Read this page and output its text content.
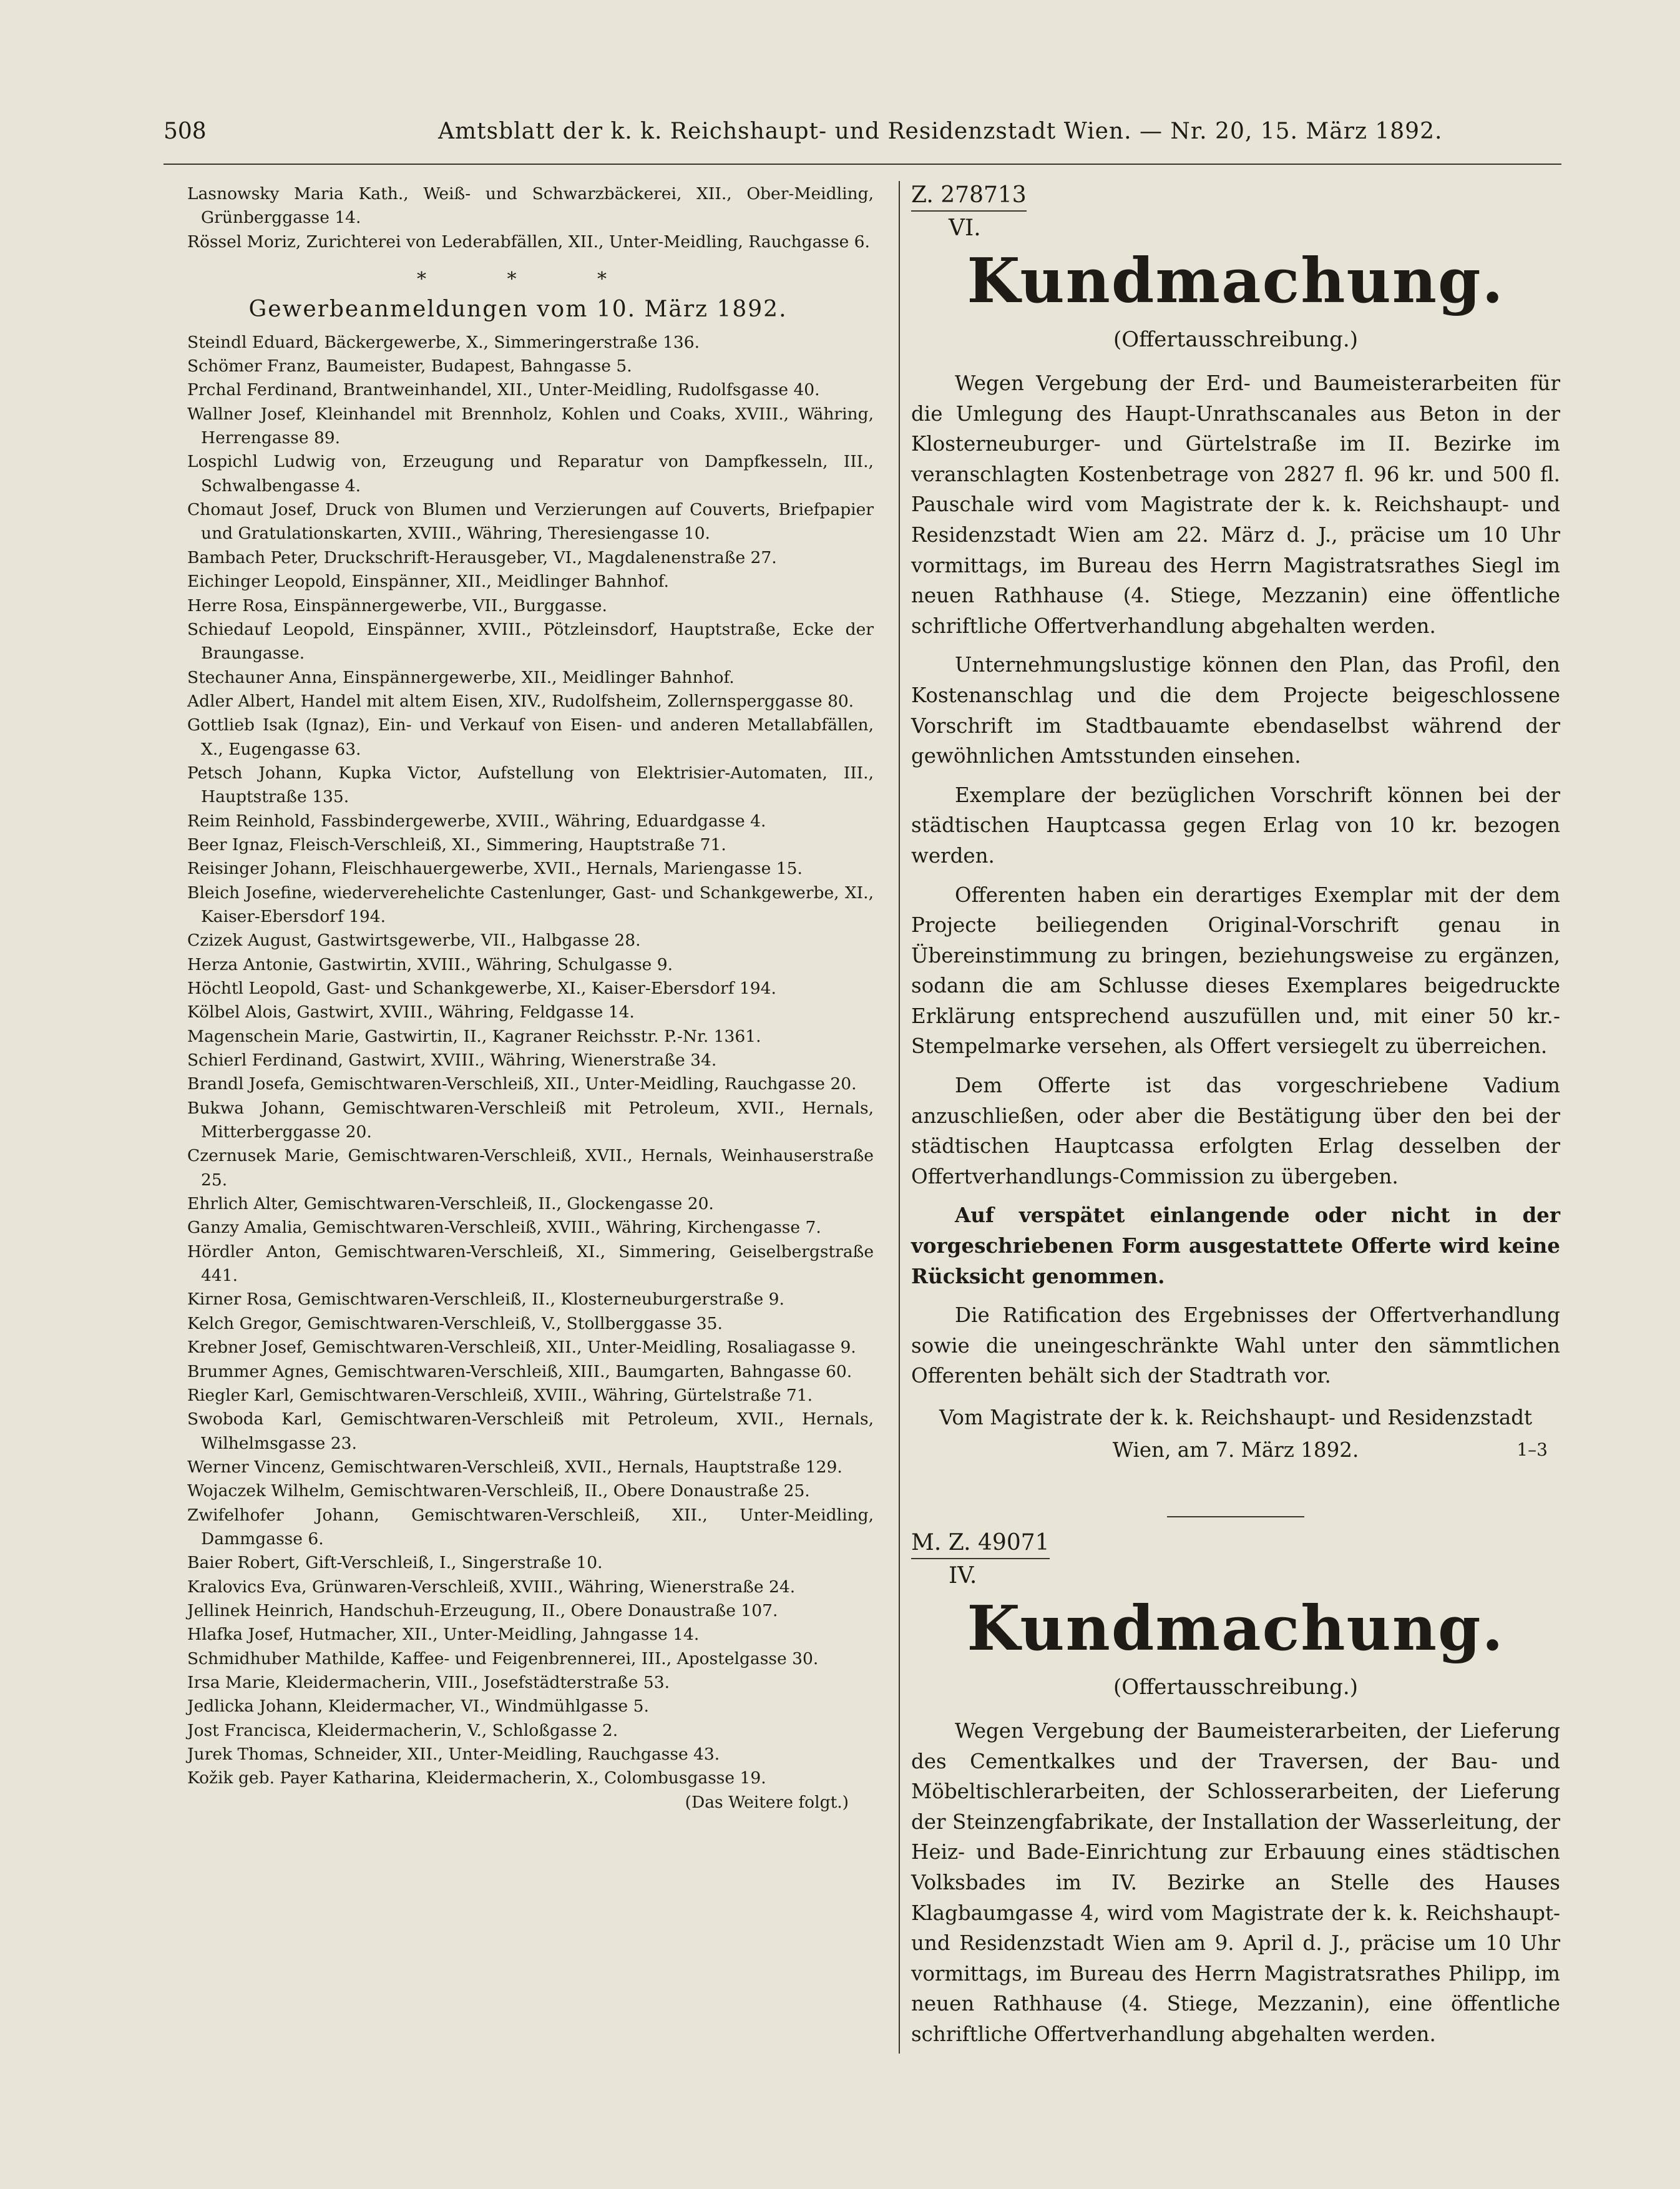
508	Amtsblatt der k. k. Reichshaupt- und Residenzstadt Wien. — Nr. 20, 15. März 1892.
Lasnowsky Maria Kath., Weiß- und Schwarzbäckerei, XII., Ober-Meidling, Grünberggasse 14.
Rössel Moriz, Zurichterei von Lederabfällen, XII., Unter-Meidling, Rauchgasse 6.
* * *
Gewerbeanmeldungen vom 10. März 1892.
Steindl Eduard, Bäckergewerbe, X., Simmeringerstraße 136.
Schömer Franz, Baumeister, Budapest, Bahngasse 5.
Prchal Ferdinand, Brantweinhandel, XII., Unter-Meidling, Rudolfsgasse 40.
Wallner Josef, Kleinhandel mit Brennholz, Kohlen und Coaks, XVIII., Währing, Herrengasse 89.
Lospichl Ludwig von, Erzeugung und Reparatur von Dampfkesseln, III., Schwalbengasse 4.
Chomaut Josef, Druck von Blumen und Verzierungen auf Couverts, Briefpapier und Gratulationskarten, XVIII., Währing, Theresiengasse 10.
Bambach Peter, Druckschrift-Herausgeber, VI., Magdalenenstraße 27.
Eichinger Leopold, Einspänner, XII., Meidlinger Bahnhof.
Herre Rosa, Einspännergewerbe, VII., Burggasse.
Schiedauf Leopold, Einspänner, XVIII., Pötzleinsdorf, Hauptstraße, Ecke der Braungasse.
Stechauner Anna, Einspännergewerbe, XII., Meidlinger Bahnhof.
Adler Albert, Handel mit altem Eisen, XIV., Rudolfsheim, Zollernsperggasse 80.
Gottlieb Isak (Ignaz), Ein- und Verkauf von Eisen- und anderen Metallabfällen, X., Eugengasse 63.
Petsch Johann, Kupka Victor, Aufstellung von Elektrisier-Automaten, III., Hauptstraße 135.
Reim Reinhold, Fassbindergewerbe, XVIII., Währing, Eduardgasse 4.
Beer Ignaz, Fleisch-Verschleiß, XI., Simmering, Hauptstraße 71.
Reisinger Johann, Fleischhauergewerbe, XVII., Hernals, Mariengasse 15.
Bleich Josefine, wiederverehelichte Castenlunger, Gast- und Schankgewerbe, XI., Kaiser-Ebersdorf 194.
Czizek August, Gastwirtsgewerbe, VII., Halbgasse 28.
Herza Antonie, Gastwirtin, XVIII., Währing, Schulgasse 9.
Höchtl Leopold, Gast- und Schankgewerbe, XI., Kaiser-Ebersdorf 194.
Kölbel Alois, Gastwirt, XVIII., Währing, Feldgasse 14.
Magenschein Marie, Gastwirtin, II., Kagraner Reichsstr. P.-Nr. 1361.
Schierl Ferdinand, Gastwirt, XVIII., Währing, Wienerstraße 34.
Brandl Josefa, Gemischtwaren-Verschleiß, XII., Unter-Meidling, Rauchgasse 20.
Bukwa Johann, Gemischtwaren-Verschleiß mit Petroleum, XVII., Hernals, Mitterberggasse 20.
Czernusek Marie, Gemischtwaren-Verschleiß, XVII., Hernals, Weinhauserstraße 25.
Ehrlich Alter, Gemischtwaren-Verschleiß, II., Glockengasse 20.
Ganzy Amalia, Gemischtwaren-Verschleiß, XVIII., Währing, Kirchengasse 7.
Hördler Anton, Gemischtwaren-Verschleiß, XI., Simmering, Geiselbergstraße 441.
Kirner Rosa, Gemischtwaren-Verschleiß, II., Klosterneuburgerstraße 9.
Kelch Gregor, Gemischtwaren-Verschleiß, V., Stollberggasse 35.
Krebner Josef, Gemischtwaren-Verschleiß, XII., Unter-Meidling, Rosaliagasse 9.
Brummer Agnes, Gemischtwaren-Verschleiß, XIII., Baumgarten, Bahngasse 60.
Riegler Karl, Gemischtwaren-Verschleiß, XVIII., Währing, Gürtelstraße 71.
Swoboda Karl, Gemischtwaren-Verschleiß mit Petroleum, XVII., Hernals, Wilhelmsgasse 23.
Werner Vincenz, Gemischtwaren-Verschleiß, XVII., Hernals, Hauptstraße 129.
Wojaczek Wilhelm, Gemischtwaren-Verschleiß, II., Obere Donaustraße 25.
Zwifelhofer Johann, Gemischtwaren-Verschleiß, XII., Unter-Meidling, Dammgasse 6.
Baier Robert, Gift-Verschleiß, I., Singerstraße 10.
Kralovics Eva, Grünwaren-Verschleiß, XVIII., Währing, Wienerstraße 24.
Jellinek Heinrich, Handschuh-Erzeugung, II., Obere Donaustraße 107.
Hlafka Josef, Hutmacher, XII., Unter-Meidling, Jahngasse 14.
Schmidhuber Mathilde, Kaffee- und Feigenbrennerei, III., Apostelgasse 30.
Irsa Marie, Kleidermacherin, VIII., Josefstädterstraße 53.
Jedlicka Johann, Kleidermacher, VI., Windmühlgasse 5.
Jost Francisca, Kleidermacherin, V., Schloßgasse 2.
Jurek Thomas, Schneider, XII., Unter-Meidling, Rauchgasse 43.
Kožik geb. Payer Katharina, Kleidermacherin, X., Colombusgasse 19.
(Das Weitere folgt.)
Z. 278713
VI.
Kundmachung.
(Offertausschreibung.)

Wegen Vergebung der Erd- und Baumeisterarbeiten für die Umlegung des Haupt-Unrathscanales aus Beton in der Klosterneuburger- und Gürtelstraße im II. Bezirke im veranschlagten Kostenbetrage von 2827 fl. 96 kr. und 500 fl. Pauschale wird vom Magistrate der k. k. Reichshaupt- und Residenzstadt Wien am 22. März d. J., präcise um 10 Uhr vormittags, im Bureau des Herrn Magistratsrathes Siegl im neuen Rathhause (4. Stiege, Mezzanin) eine öffentliche schriftliche Offertverhandlung abgehalten werden.

Unternehmungslustige können den Plan, das Profil, den Kostenanschlag und die dem Projecte beigeschlossene Vorschrift im Stadtbauamte ebendaselbst während der gewöhnlichen Amtsstunden einsehen.

Exemplare der bezüglichen Vorschrift können bei der städtischen Hauptcassa gegen Erlag von 10 kr. bezogen werden.

Offerenten haben ein derartiges Exemplar mit der dem Projecte beiliegenden Original-Vorschrift genau in Übereinstimmung zu bringen, beziehungsweise zu ergänzen, sodann die am Schlusse dieses Exemplares beigedruckte Erklärung entsprechend auszufüllen und, mit einer 50 kr.-Stempelmarke versehen, als Offert versiegelt zu überreichen.

Dem Offerte ist das vorgeschriebene Vadium anzuschließen, oder aber die Bestätigung über den bei der städtischen Hauptcassa erfolgten Erlag desselben der Offertverhandlungs-Commission zu übergeben.

Auf verspätet einlangende oder nicht in der vorgeschriebenen Form ausgestattete Offerte wird keine Rücksicht genommen.

Die Ratification des Ergebnisses der Offertverhandlung sowie die uneingeschränkte Wahl unter den sämmtlichen Offerenten behält sich der Stadtrath vor.

Vom Magistrate der k. k. Reichshaupt- und Residenzstadt
Wien, am 7. März 1892.	1–3
M. Z. 49071
IV.
Kundmachung.
(Offertausschreibung.)

Wegen Vergebung der Baumeisterarbeiten, der Lieferung des Cementkalkes und der Traversen, der Bau- und Möbeltischlerarbeiten, der Schlosserarbeiten, der Lieferung der Steinzengfabrikate, der Installation der Wasserleitung, der Heiz- und Bade-Einrichtung zur Erbauung eines städtischen Volksbades im IV. Bezirke an Stelle des Hauses Klagbaumgasse 4, wird vom Magistrate der k. k. Reichshaupt- und Residenzstadt Wien am 9. April d. J., präcise um 10 Uhr vormittags, im Bureau des Herrn Magistratsrathes Philipp, im neuen Rathhause (4. Stiege, Mezzanin), eine öffentliche schriftliche Offertverhandlung abgehalten werden.
